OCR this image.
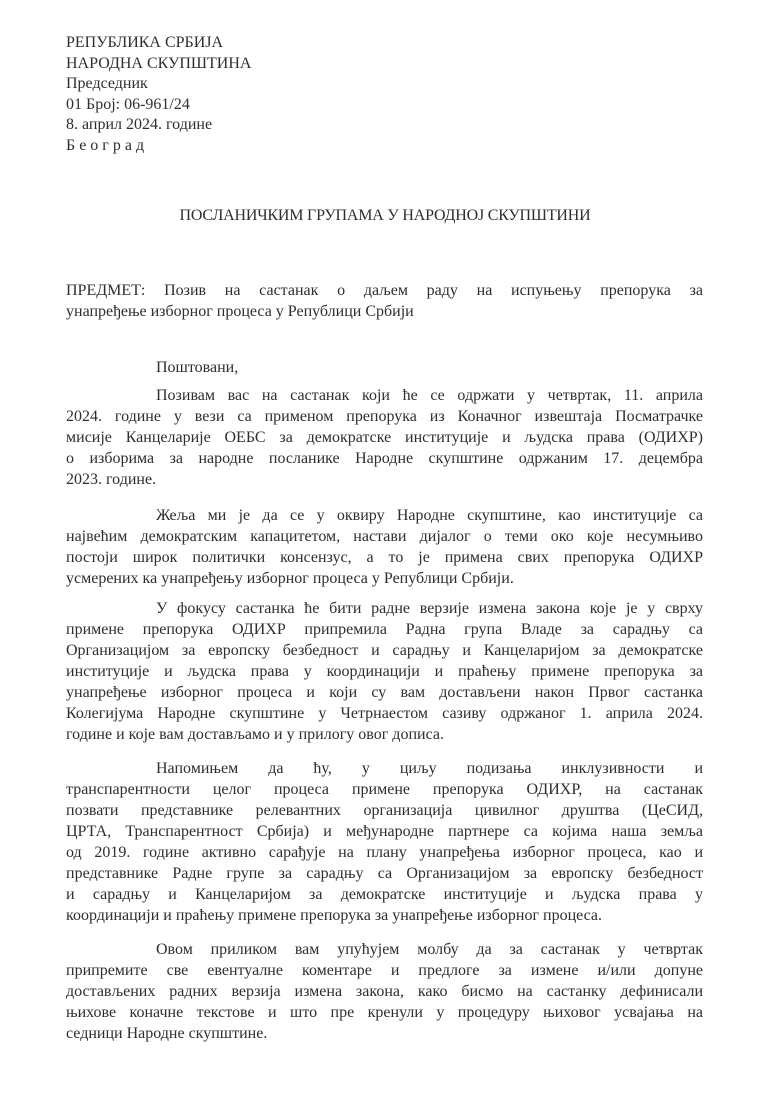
РЕПУБЛИКА СРБИЈА
НАРОДНА СКУПШТИНА
Председник
01 Број: 06-961/24
8. април 2024. године
Београд
ПОСЛАНИЧКИМ ГРУПАМА У НАРОДНОЈ СКУПШТИНИ
ПРЕДМЕТ: Позив на састанак о даљем раду на испуњењу препорука за
унапређење изборног процеса у Републици Србији
Поштовани,
Позивам вас на састанак који ће се одржати у четвртак, 11. априла
2024. године у вези са применом препорука из Коначног извештаја Посматрачке
мисије Канцеларије ОЕБС за демократске институције и људска права (ОДИХР)
о изборима за народне посланике Народне скупштине одржаним 17. децембра
2023. године.
Жеља ми је да се у оквиру Народне скупштине, као институције са
највећим демократским капацитетом, настави дијалог о теми око које несумњиво
постоји широк политички консензус, а то је примена свих препорука ОДИХР
усмерених ка унапређењу изборног процеса у Републици Србији.
У фокусу састанка ће бити радне верзије измена закона које је у сврху
примене препорука ОДИХР припремила Радна група Владе за сарадњу са
Организацијом за европску безбедност и сарадњу и Канцеларијом за демократске
институције и људска права у координацији и праћењу примене препорука за
унапређење изборног процеса и који су вам достављени након Првог састанка
Колегијума Народне скупштине у Четрнаестом сазиву одржаног 1. априла 2024.
године и које вам достављамо и у прилогу овог дописа.
Напомињем да ћу, у циљу подизања инклузивности и
транспарентности целог процеса примене препорука ОДИХР, на састанак
позвати представнике релевантних организација цивилног друштва (ЦеСИД,
ЦРТА, Транспарентност Србија) и међународне партнере са којима наша земља
од 2019. године активно сарађује на плану унапређења изборног процеса, као и
представнике Радне групе за сарадњу са Организацијом за европску безбедност
и сарадњу и Канцеларијом за демократске институције и људска права у
координацији и праћењу примене препорука за унапређење изборног процеса.
Овом приликом вам упућујем молбу да за састанак у четвртак
припремите све евентуалне коментаре и предлоге за измене и/или допуне
достављених радних верзија измена закона, како бисмо на састанку дефинисали
њихове коначне текстове и што пре кренули у процедуру њиховог усвајања на
седници Народне скупштине.
